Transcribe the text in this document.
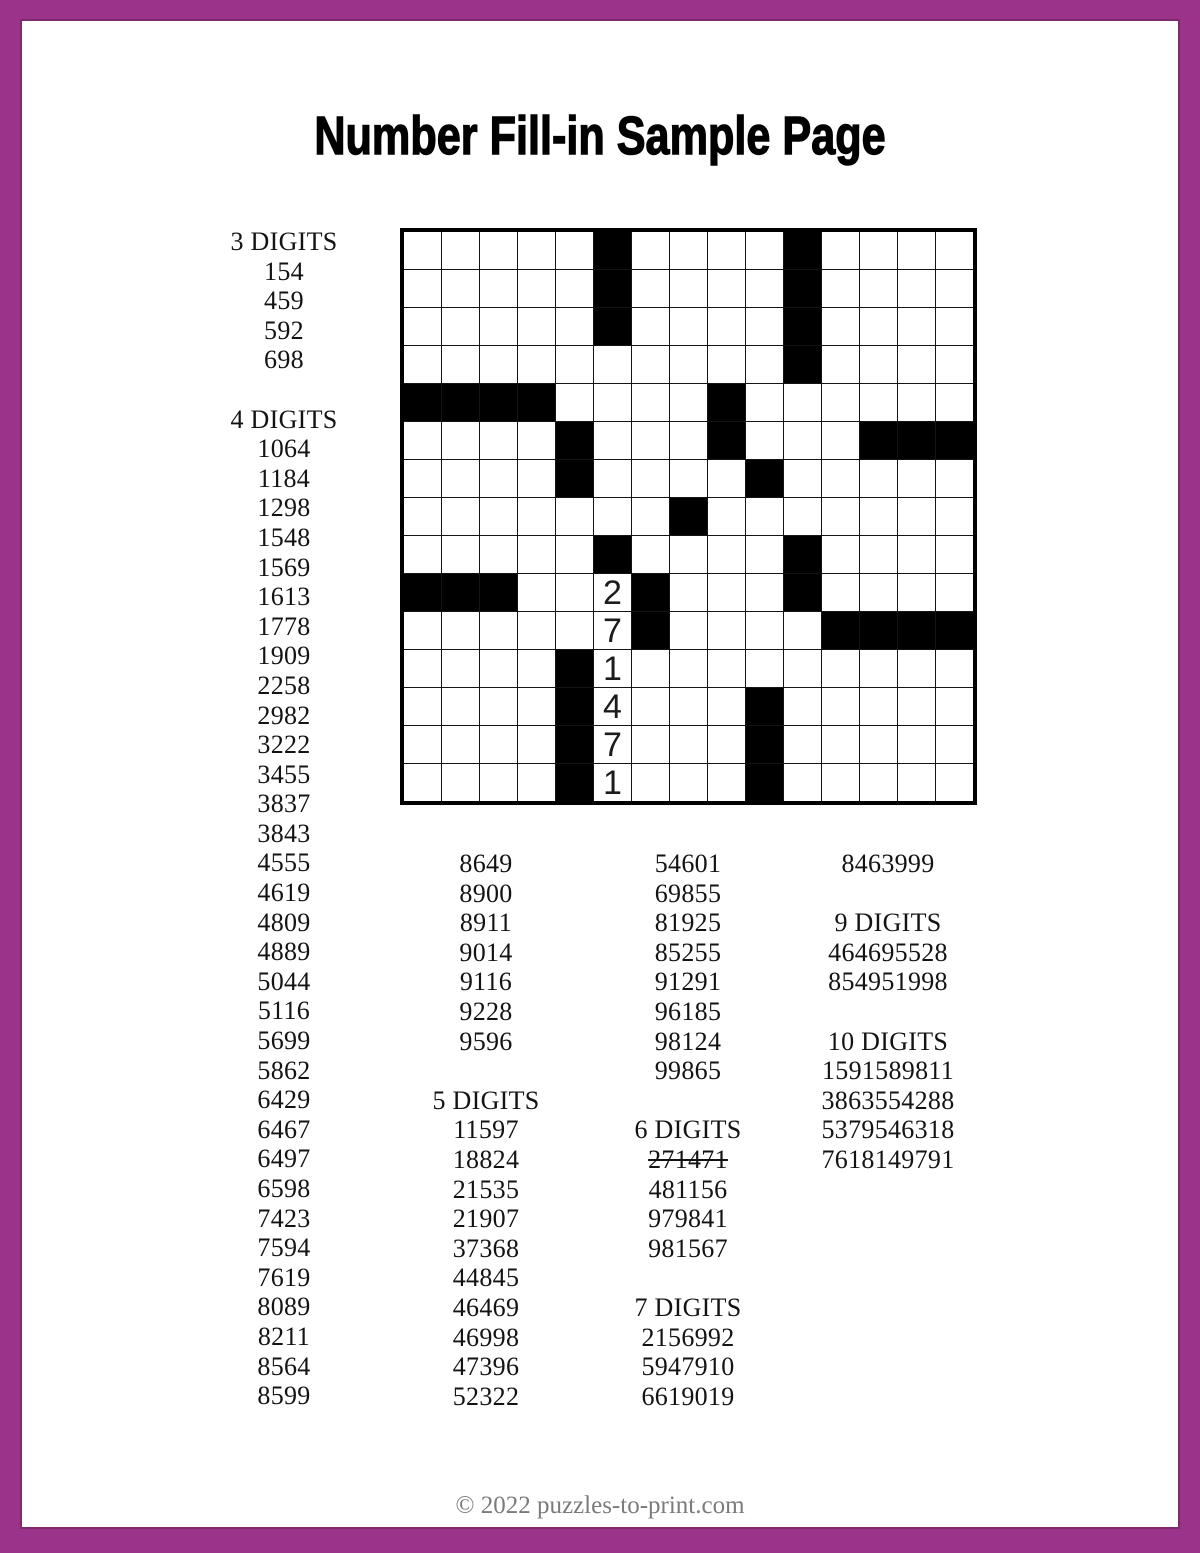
Number Fill-in Sample Page
2
7
1
4
7
1
3 DIGITS
154
459
592
698
4 DIGITS
1064
1184
1298
1548
1569
1613
1778
1909
2258
2982
3222
3455
3837
3843
4555
4619
4809
4889
5044
5116
5699
5862
6429
6467
6497
6598
7423
7594
7619
8089
8211
8564
8599
8649
8900
8911
9014
9116
9228
9596
5 DIGITS
11597
18824
21535
21907
37368
44845
46469
46998
47396
52322
54601
69855
81925
85255
91291
96185
98124
99865
6 DIGITS
271471
481156
979841
981567
7 DIGITS
2156992
5947910
6619019
8463999
9 DIGITS
464695528
854951998
10 DIGITS
1591589811
3863554288
5379546318
7618149791
© 2022 puzzles-to-print.com
